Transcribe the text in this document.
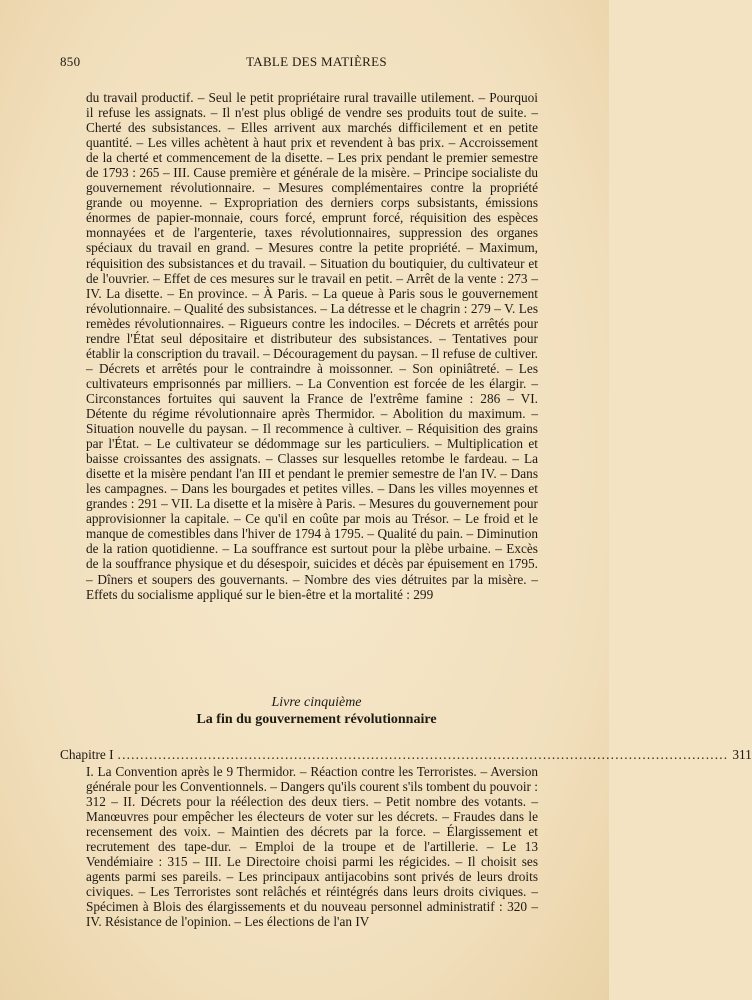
850	TABLE DES MATIÈRES
du travail productif. – Seul le petit propriétaire rural travaille utilement. – Pourquoi il refuse les assignats. – Il n'est plus obligé de vendre ses produits tout de suite. – Cherté des subsistances. – Elles arrivent aux marchés difficilement et en petite quantité. – Les villes achètent à haut prix et revendent à bas prix. – Accroissement de la cherté et commencement de la disette. – Les prix pendant le premier semestre de 1793 : 265 – III. Cause première et générale de la misère. – Principe socialiste du gouvernement révolutionnaire. – Mesures complémentaires contre la propriété grande ou moyenne. – Expropriation des derniers corps subsistants, émissions énormes de papier-monnaie, cours forcé, emprunt forcé, réquisition des espèces monnayées et de l'argenterie, taxes révolutionnaires, suppression des organes spéciaux du travail en grand. – Mesures contre la petite propriété. – Maximum, réquisition des subsistances et du travail. – Situation du boutiquier, du cultivateur et de l'ouvrier. – Effet de ces mesures sur le travail en petit. – Arrêt de la vente : 273 – IV. La disette. – En province. – À Paris. – La queue à Paris sous le gouvernement révolutionnaire. – Qualité des subsistances. – La détresse et le chagrin : 279 – V. Les remèdes révolutionnaires. – Rigueurs contre les indociles. – Décrets et arrêtés pour rendre l'État seul dépositaire et distributeur des subsistances. – Tentatives pour établir la conscription du travail. – Découragement du paysan. – Il refuse de cultiver. – Décrets et arrêtés pour le contraindre à moissonner. – Son opiniâtreté. – Les cultivateurs emprisonnés par milliers. – La Convention est forcée de les élargir. – Circonstances fortuites qui sauvent la France de l'extrême famine : 286 – VI. Détente du régime révolutionnaire après Thermidor. – Abolition du maximum. – Situation nouvelle du paysan. – Il recommence à cultiver. – Réquisition des grains par l'État. – Le cultivateur se dédommage sur les particuliers. – Multiplication et baisse croissantes des assignats. – Classes sur lesquelles retombe le fardeau. – La disette et la misère pendant l'an III et pendant le premier semestre de l'an IV. – Dans les campagnes. – Dans les bourgades et petites villes. – Dans les villes moyennes et grandes : 291 – VII. La disette et la misère à Paris. – Mesures du gouvernement pour approvisionner la capitale. – Ce qu'il en coûte par mois au Trésor. – Le froid et le manque de comestibles dans l'hiver de 1794 à 1795. – Qualité du pain. – Diminution de la ration quotidienne. – La souffrance est surtout pour la plèbe urbaine. – Excès de la souffrance physique et du désespoir, suicides et décès par épuisement en 1795. – Dîners et soupers des gouvernants. – Nombre des vies détruites par la misère. – Effets du socialisme appliqué sur le bien-être et la mortalité : 299
Livre cinquième
La fin du gouvernement révolutionnaire
Chapitre I ....................................................................................................................................... 311
I. La Convention après le 9 Thermidor. – Réaction contre les Terroristes. – Aversion générale pour les Conventionnels. – Dangers qu'ils courent s'ils tombent du pouvoir : 312 – II. Décrets pour la réélection des deux tiers. – Petit nombre des votants. – Manœuvres pour empêcher les électeurs de voter sur les décrets. – Fraudes dans le recensement des voix. – Maintien des décrets par la force. – Élargissement et recrutement des tape-dur. – Emploi de la troupe et de l'artillerie. – Le 13 Vendémiaire : 315 – III. Le Directoire choisi parmi les régicides. – Il choisit ses agents parmi ses pareils. – Les principaux antijacobins sont privés de leurs droits civiques. – Les Terroristes sont relâchés et réintégrés dans leurs droits civiques. – Spécimen à Blois des élargissements et du nouveau personnel administratif : 320 – IV. Résistance de l'opinion. – Les élections de l'an IV
